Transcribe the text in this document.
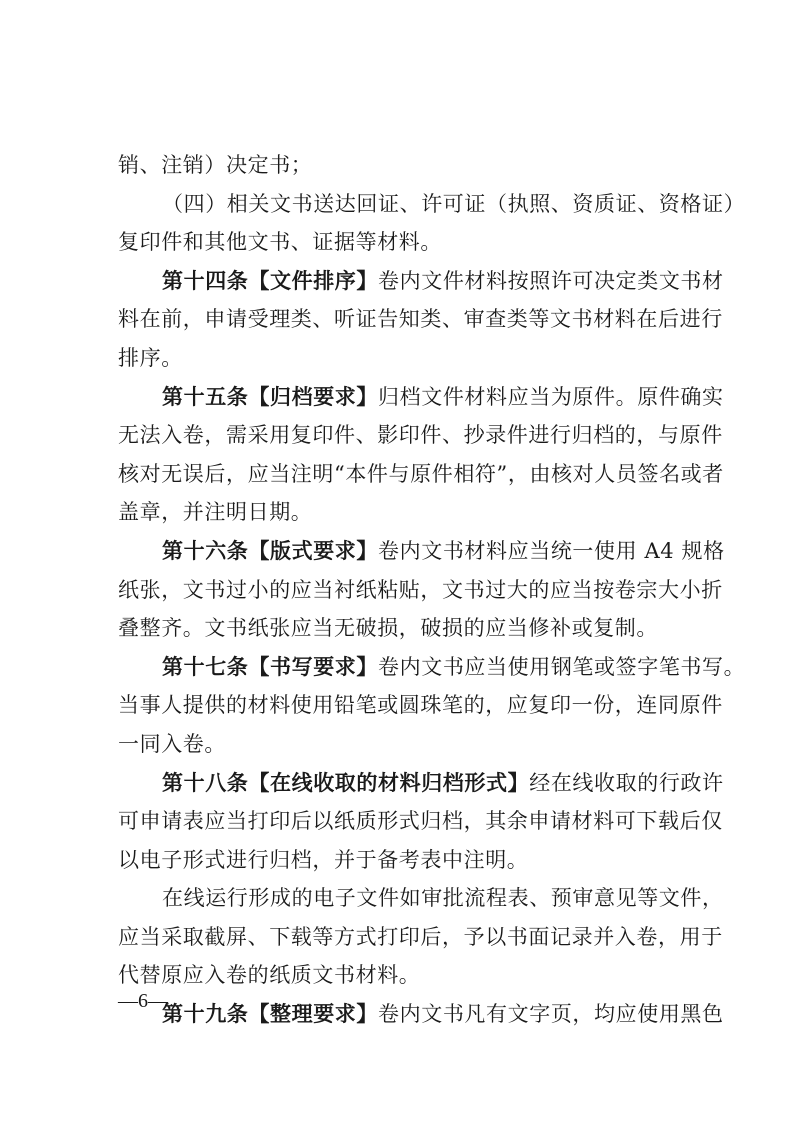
销、注销）决定书；
（四）相关文书送达回证、许可证（执照、资质证、资格证）
复印件和其他文书、证据等材料。
第十四条【文件排序】卷内文件材料按照许可决定类文书材
料在前，申请受理类、听证告知类、审查类等文书材料在后进行
排序。
第十五条【归档要求】归档文件材料应当为原件。原件确实
无法入卷，需采用复印件、影印件、抄录件进行归档的，与原件
核对无误后，应当注明“本件与原件相符”，由核对人员签名或者
盖章，并注明日期。
第十六条【版式要求】卷内文书材料应当统一使用 A4 规格
纸张，文书过小的应当衬纸粘贴，文书过大的应当按卷宗大小折
叠整齐。文书纸张应当无破损，破损的应当修补或复制。
第十七条【书写要求】卷内文书应当使用钢笔或签字笔书写。
当事人提供的材料使用铅笔或圆珠笔的，应复印一份，连同原件
一同入卷。
第十八条【在线收取的材料归档形式】经在线收取的行政许
可申请表应当打印后以纸质形式归档，其余申请材料可下载后仅
以电子形式进行归档，并于备考表中注明。
在线运行形成的电子文件如审批流程表、预审意见等文件，
应当采取截屏、下载等方式打印后，予以书面记录并入卷，用于
代替原应入卷的纸质文书材料。
第十九条【整理要求】卷内文书凡有文字页，均应使用黑色
—6—
